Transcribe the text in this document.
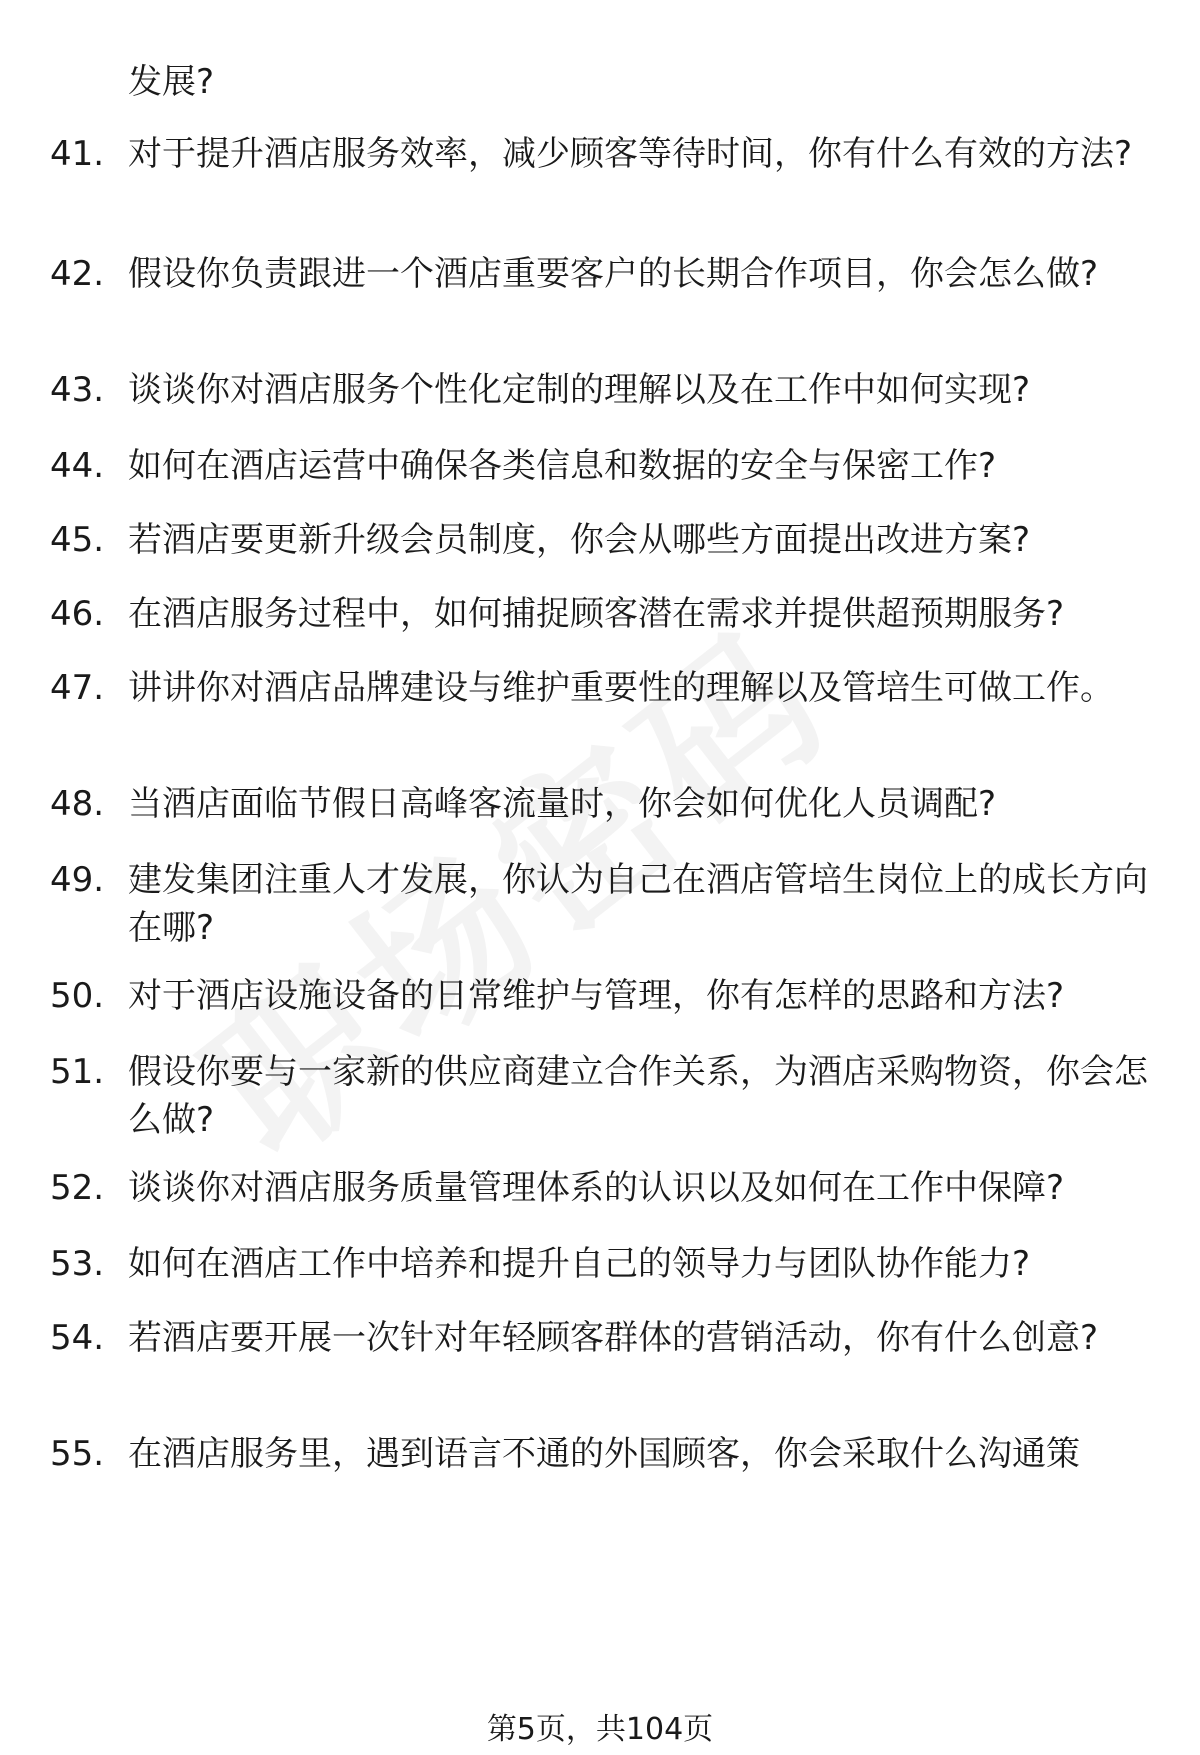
发展?
41. 对于提升酒店服务效率，减少顾客等待时间，你有什么有效的方法?
42. 假设你负责跟进一个酒店重要客户的长期合作项目，你会怎么做?
43. 谈谈你对酒店服务个性化定制的理解以及在工作中如何实现?
44. 如何在酒店运营中确保各类信息和数据的安全与保密工作?
45. 若酒店要更新升级会员制度，你会从哪些方面提出改进方案?
46. 在酒店服务过程中，如何捕捉顾客潜在需求并提供超预期服务?
47. 讲讲你对酒店品牌建设与维护重要性的理解以及管培生可做工作。
48. 当酒店面临节假日高峰客流量时，你会如何优化人员调配?
49. 建发集团注重人才发展，你认为自己在酒店管培生岗位上的成长方向在哪?
50. 对于酒店设施设备的日常维护与管理，你有怎样的思路和方法?
51. 假设你要与一家新的供应商建立合作关系，为酒店采购物资，你会怎么做?
52. 谈谈你对酒店服务质量管理体系的认识以及如何在工作中保障?
53. 如何在酒店工作中培养和提升自己的领导力与团队协作能力?
54. 若酒店要开展一次针对年轻顾客群体的营销活动，你有什么创意?
55. 在酒店服务里，遇到语言不通的外国顾客，你会采取什么沟通策
第5页，共104页
